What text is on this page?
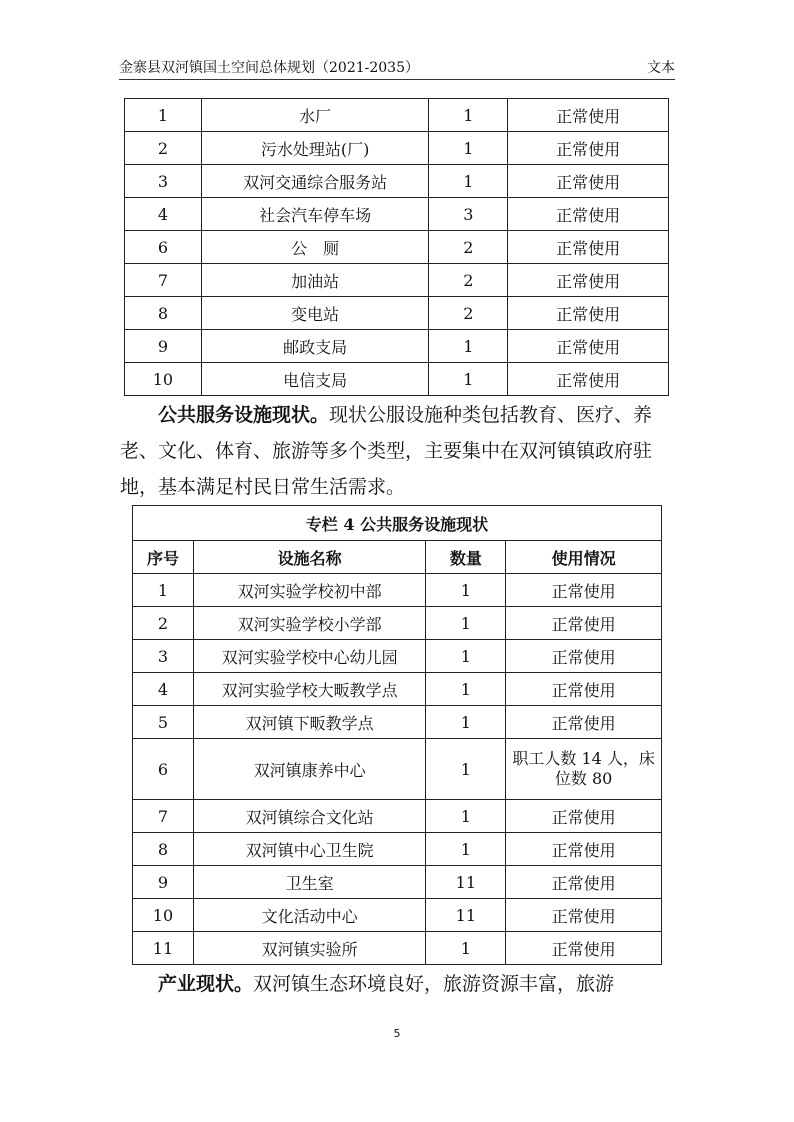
金寨县双河镇国土空间总体规划（2021-2035）	文本
1	水厂	1	正常使用
2	污水处理站(厂)	1	正常使用
3	双河交通综合服务站	1	正常使用
4	社会汽车停车场	3	正常使用
6	公　厕	2	正常使用
7	加油站	2	正常使用
8	变电站	2	正常使用
9	邮政支局	1	正常使用
10	电信支局	1	正常使用
公共服务设施现状。现状公服设施种类包括教育、医疗、养老、文化、体育、旅游等多个类型，主要集中在双河镇镇政府驻地，基本满足村民日常生活需求。
专栏 4 公共服务设施现状			
序号	设施名称	数量	使用情况
1	双河实验学校初中部	1	正常使用
2	双河实验学校小学部	1	正常使用
3	双河实验学校中心幼儿园	1	正常使用
4	双河实验学校大畈教学点	1	正常使用
5	双河镇下畈教学点	1	正常使用
6	双河镇康养中心	1	职工人数 14 人，床位数 80
7	双河镇综合文化站	1	正常使用
8	双河镇中心卫生院	1	正常使用
9	卫生室	11	正常使用
10	文化活动中心	11	正常使用
11	双河镇实验所	1	正常使用
产业现状。双河镇生态环境良好，旅游资源丰富，旅游
5
